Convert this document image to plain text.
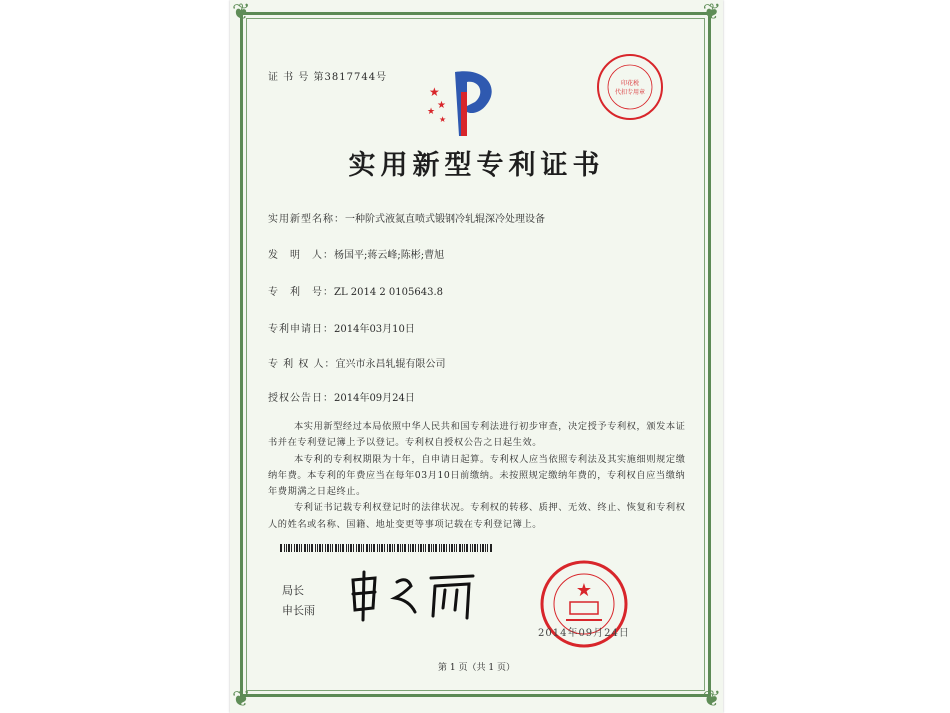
❦	❦
❦	❦
证 书 号 第3817744号
★
★
★
★
印花税
代扣专用章
实用新型专利证书
实用新型名称：一种阶式液氮直喷式锻钢冷轧辊深冷处理设备
发　明　人：杨国平;蒋云峰;陈彬;曹旭
专　利　号：ZL 2014 2 0105643.8
专利申请日：2014年03月10日
专 利 权 人：宜兴市永昌轧辊有限公司
授权公告日：2014年09月24日

本实用新型经过本局依照中华人民共和国专利法进行初步审查，决定授予专利权，颁发本证书并在专利登记簿上予以登记。专利权自授权公告之日起生效。

本专利的专利权期限为十年，自申请日起算。专利权人应当依照专利法及其实施细则规定缴纳年费。本专利的年费应当在每年03月10日前缴纳。未按照规定缴纳年费的，专利权自应当缴纳年费期满之日起终止。

专利证书记载专利权登记时的法律状况。专利权的转移、质押、无效、终止、恢复和专利权人的姓名或名称、国籍、地址变更等事项记载在专利登记簿上。

局长
申长雨
★
2014年09月24日
第 1 页（共 1 页）
